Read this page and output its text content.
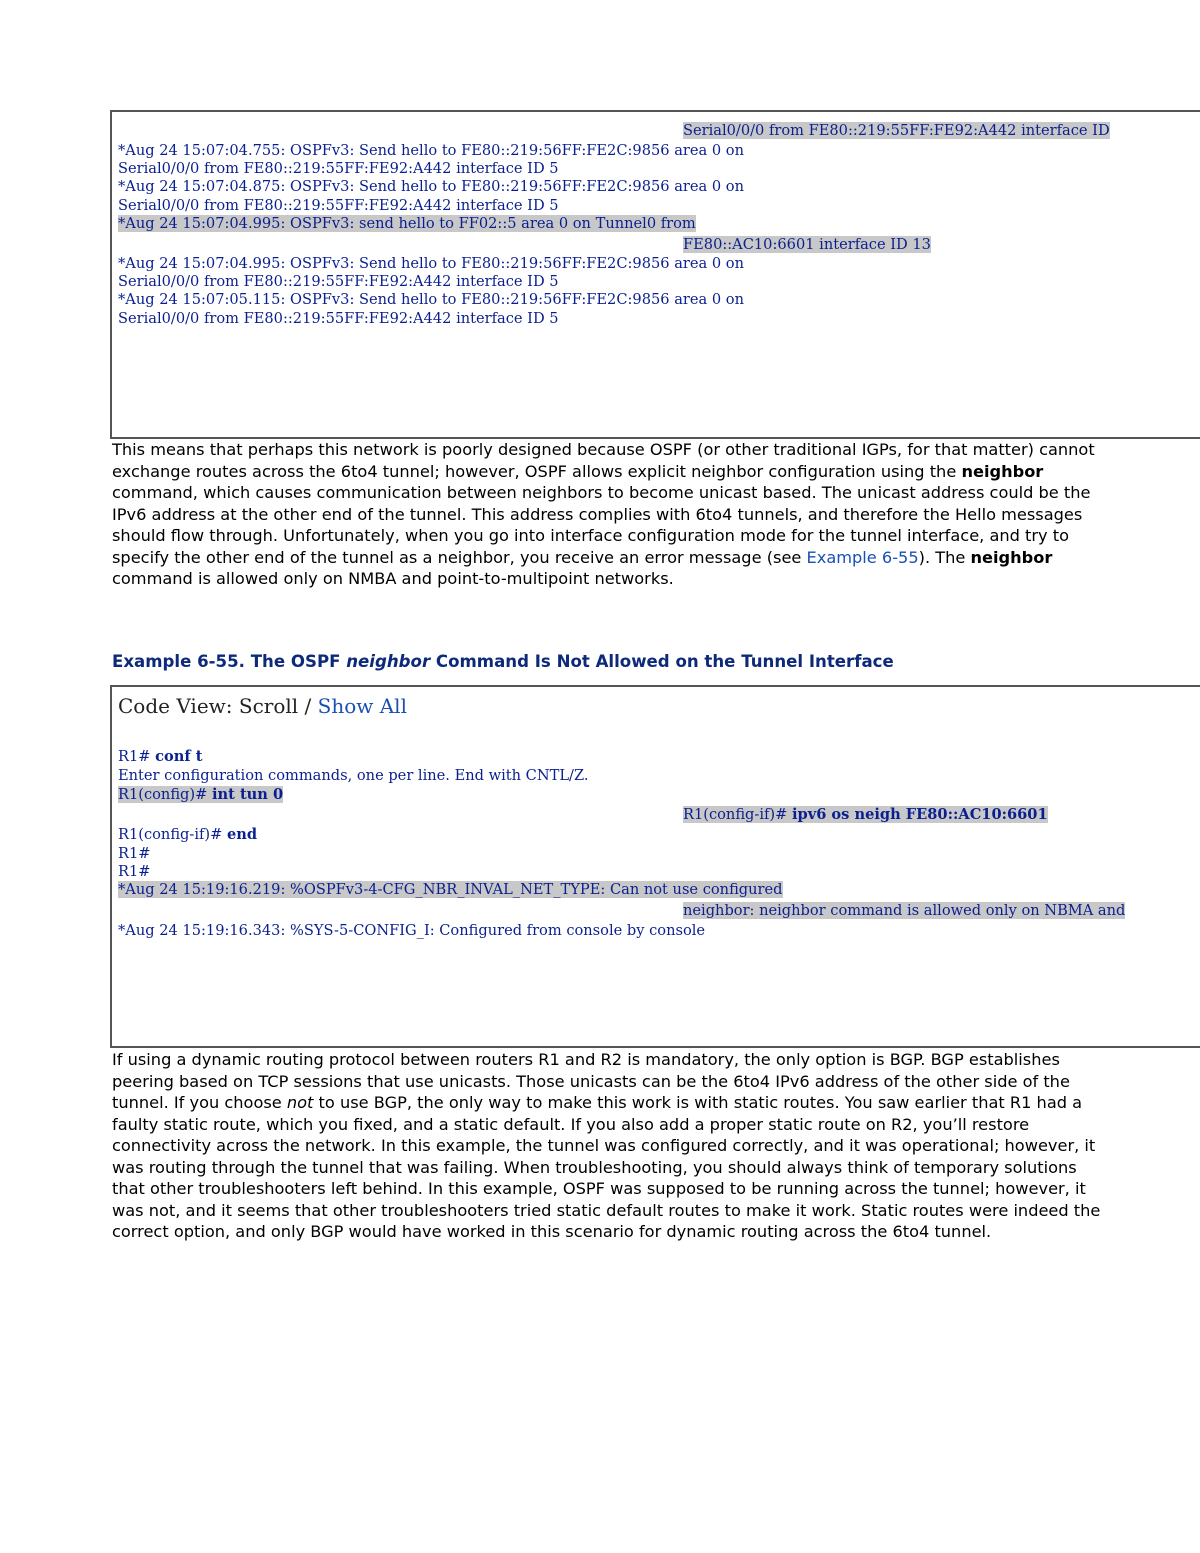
Serial0/0/0 from FE80::219:55FF:FE92:A442 interface ID
*Aug 24 15:07:04.755: OSPFv3: Send hello to FE80::219:56FF:FE2C:9856 area 0 on
Serial0/0/0 from FE80::219:55FF:FE92:A442 interface ID 5
*Aug 24 15:07:04.875: OSPFv3: Send hello to FE80::219:56FF:FE2C:9856 area 0 on
Serial0/0/0 from FE80::219:55FF:FE92:A442 interface ID 5
*Aug 24 15:07:04.995: OSPFv3: send hello to FF02::5 area 0 on Tunnel0 from
FE80::AC10:6601 interface ID 13
*Aug 24 15:07:04.995: OSPFv3: Send hello to FE80::219:56FF:FE2C:9856 area 0 on
Serial0/0/0 from FE80::219:55FF:FE92:A442 interface ID 5
*Aug 24 15:07:05.115: OSPFv3: Send hello to FE80::219:56FF:FE2C:9856 area 0 on
Serial0/0/0 from FE80::219:55FF:FE92:A442 interface ID 5
This means that perhaps this network is poorly designed because OSPF (or other traditional IGPs, for that matter) cannot exchange routes across the 6to4 tunnel; however, OSPF allows explicit neighbor configuration using the neighbor command, which causes communication between neighbors to become unicast based. The unicast address could be the IPv6 address at the other end of the tunnel. This address complies with 6to4 tunnels, and therefore the Hello messages should flow through. Unfortunately, when you go into interface configuration mode for the tunnel interface, and try to specify the other end of the tunnel as a neighbor, you receive an error message (see Example 6-55). The neighbor command is allowed only on NMBA and point-to-multipoint networks.
Example 6-55. The OSPF neighbor Command Is Not Allowed on the Tunnel Interface
Code View: Scroll / Show All
R1# conf t
Enter configuration commands, one per line. End with CNTL/Z.
R1(config)# int tun 0
R1(config-if)# ipv6 os neigh FE80::AC10:6601
R1(config-if)# end
R1#
R1#
*Aug 24 15:19:16.219: %OSPFv3-4-CFG_NBR_INVAL_NET_TYPE: Can not use configured
neighbor: neighbor command is allowed only on NBMA and
*Aug 24 15:19:16.343: %SYS-5-CONFIG_I: Configured from console by console
If using a dynamic routing protocol between routers R1 and R2 is mandatory, the only option is BGP. BGP establishes peering based on TCP sessions that use unicasts. Those unicasts can be the 6to4 IPv6 address of the other side of the tunnel. If you choose not to use BGP, the only way to make this work is with static routes. You saw earlier that R1 had a faulty static route, which you fixed, and a static default. If you also add a proper static route on R2, you’ll restore connectivity across the network. In this example, the tunnel was configured correctly, and it was operational; however, it was routing through the tunnel that was failing. When troubleshooting, you should always think of temporary solutions that other troubleshooters left behind. In this example, OSPF was supposed to be running across the tunnel; however, it was not, and it seems that other troubleshooters tried static default routes to make it work. Static routes were indeed the correct option, and only BGP would have worked in this scenario for dynamic routing across the 6to4 tunnel.
